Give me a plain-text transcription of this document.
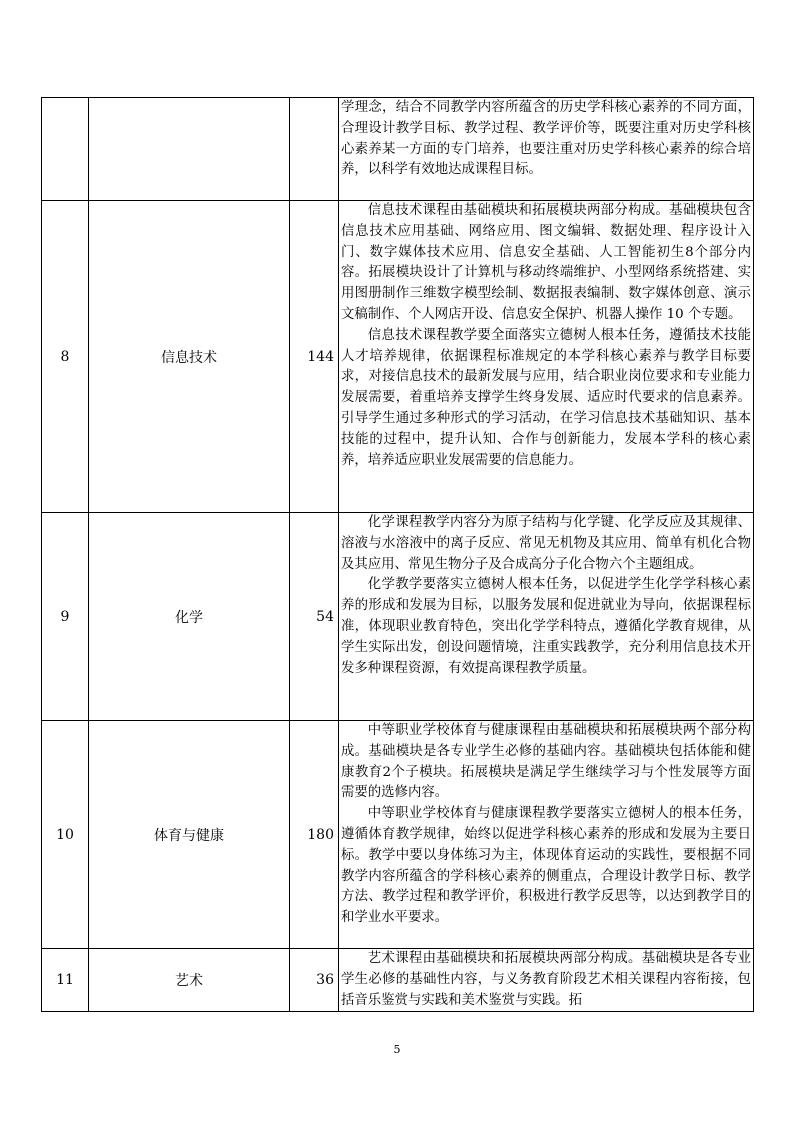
			学理念，结合不同教学内容所蕴含的历史学科核心素养的不同方面，合理设计教学目标、教学过程、教学评价等，既要注重对历史学科核心素养某一方面的专门培养，也要注重对历史学科核心素养的综合培养，以科学有效地达成课程目标。

8	信息技术	144	信息技术课程由基础模块和拓展模块两部分构成。基础模块包含信息技术应用基础、网络应用、图文编辑、数据处理、程序设计入门、数字媒体技术应用、信息安全基础、人工智能初生8个部分内容。拓展模块设计了计算机与移动终端维护、小型网络系统搭建、实用图册制作三维数字模型绘制、数据报表编制、数字媒体创意、演示文稿制作、个人网店开设、信息安全保护、机器人操作 10 个专题。

信息技术课程教学要全面落实立德树人根本任务，遵循技术技能人才培养规律，依据课程标准规定的本学科核心素养与教学目标要求，对接信息技术的最新发展与应用，结合职业岗位要求和专业能力发展需要，着重培养支撑学生终身发展、适应时代要求的信息素养。引导学生通过多种形式的学习活动，在学习信息技术基础知识、基本技能的过程中，提升认知、合作与创新能力，发展本学科的核心素养，培养适应职业发展需要的信息能力。

9	化学	54	化学课程教学内容分为原子结构与化学键、化学反应及其规律、溶液与水溶液中的离子反应、常见无机物及其应用、简单有机化合物及其应用、常见生物分子及合成高分子化合物六个主题组成。

化学教学要落实立德树人根本任务，以促进学生化学学科核心素养的形成和发展为目标，以服务发展和促进就业为导向，依据课程标准，体现职业教育特色，突出化学学科特点，遵循化学教育规律，从学生实际出发，创设问题情境，注重实践教学，充分利用信息技术开发多种课程资源，有效提高课程教学质量。

10	体育与健康	180	中等职业学校体育与健康课程由基础模块和拓展模块两个部分构成。基础模块是各专业学生必修的基础内容。基础模块包括体能和健康教育2个子模块。拓展模块是满足学生继续学习与个性发展等方面需要的选修内容。

中等职业学校体育与健康课程教学要落实立德树人的根本任务，遵循体育教学规律，始终以促进学科核心素养的形成和发展为主要日标。教学中要以身体练习为主，体现体育运动的实践性，要根据不同教学内容所蕴含的学科核心素养的侧重点，合理设计教学日标、教学方法、教学过程和教学评价，积极进行教学反思等，以达到教学目的和学业水平要求。

11	艺术	36	艺术课程由基础模块和拓展模块两部分构成。基础模块是各专业学生必修的基础性内容，与义务教育阶段艺术相关课程内容衔接，包括音乐鉴赏与实践和美术鉴赏与实践。拓

5
